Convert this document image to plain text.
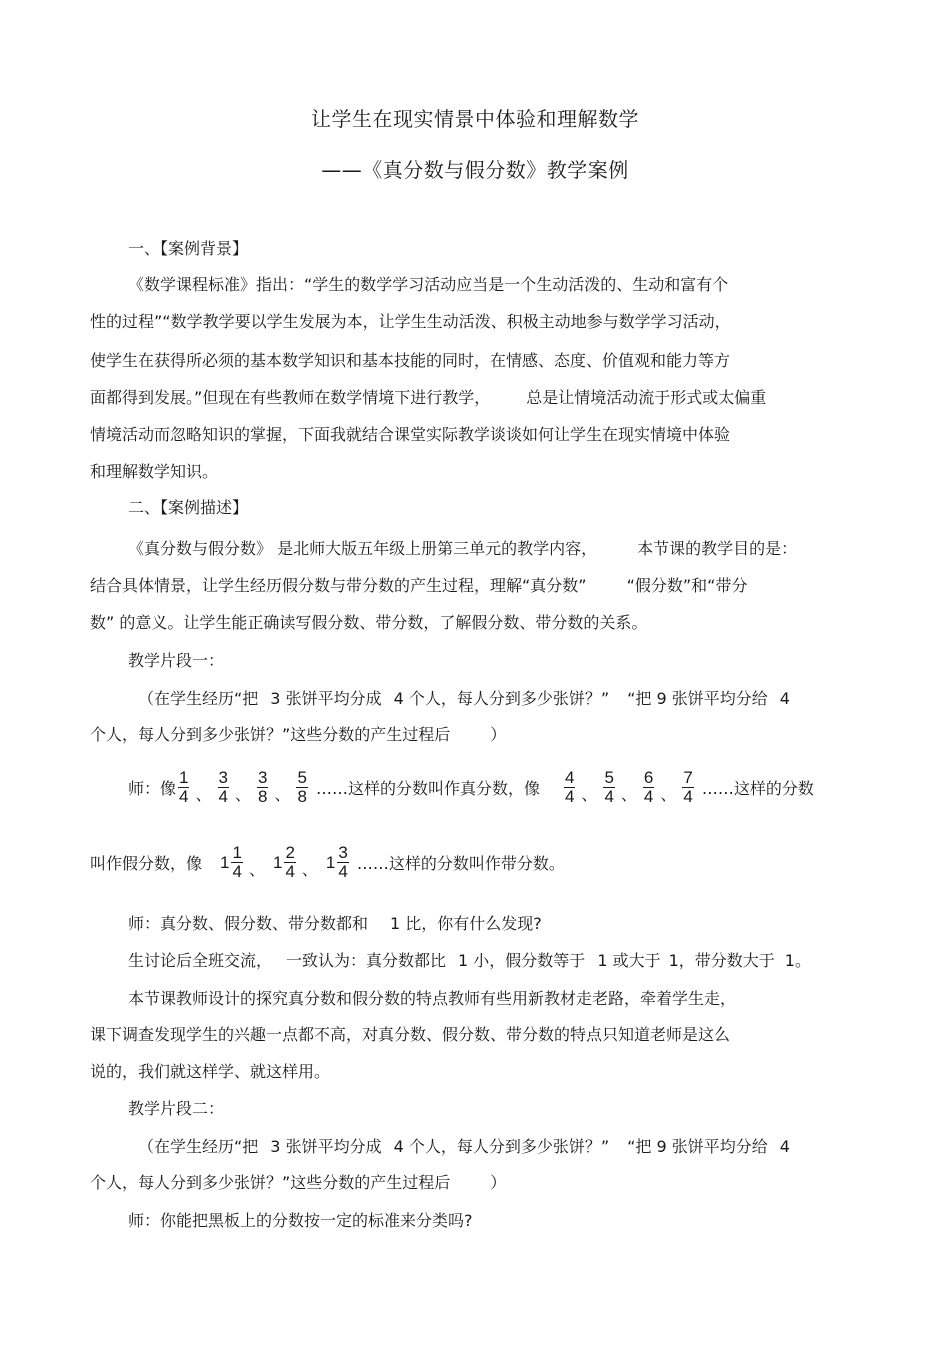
让学生在现实情景中体验和理解数学
——《真分数与假分数》教学案例
一、【案例背景】
《数学课程标准》指出：“学生的数学学习活动应当是一个生动活泼的、生动和富有个
性的过程”“数学教学要以学生发展为本，让学生生动活泼、积极主动地参与数学学习活动，
使学生在获得所必须的基本数学知识和基本技能的同时，在情感、态度、价值观和能力等方
面都得到发展。”但现在有些教师在数学情境下进行教学， 总是让情境活动流于形式或太偏重
情境活动而忽略知识的掌握，下面我就结合课堂实际教学谈谈如何让学生在现实情境中体验
和理解数学知识。
二、【案例描述】
《真分数与假分数》 是北师大版五年级上册第三单元的教学内容，	本节课的教学目的是：
结合具体情景，让学生经历假分数与带分数的产生过程，理解“真分数”	“假分数”和“带分
数” 的意义。让学生能正确读写假分数、带分数，了解假分数、带分数的关系。
教学片段一：
（在学生经历“把 3 张饼平均分成 4 个人，每人分到多少张饼？” “把 9 张饼平均分给 4
个人，每人分到多少张饼？”这些分数的产生过程后	）
师：像 $\frac{1}{4}$ 、 $\frac{3}{4}$ 、 $\frac{3}{8}$ 、 $\frac{5}{8}$ ……这样的分数叫作真分数，像 $\frac{4}{4}$ 、 $\frac{5}{4}$ 、 $\frac{6}{4}$ 、 $\frac{7}{4}$ ……这样的分数
叫作假分数，像 $1 \frac{1}{4}$ 、 $1 \frac{2}{4}$ 、 $1 \frac{3}{4}$ ……这样的分数叫作带分数。
师：真分数、假分数、带分数都和 1 比，你有什么发现?
生讨论后全班交流， 一致认为：真分数都比 1 小，假分数等于 1 或大于 1，带分数大于 1。
本节课教师设计的探究真分数和假分数的特点教师有些用新教材走老路，牵着学生走，
课下调查发现学生的兴趣一点都不高，对真分数、假分数、带分数的特点只知道老师是这么
说的，我们就这样学、就这样用。
教学片段二：
（在学生经历“把 3 张饼平均分成 4 个人，每人分到多少张饼？” “把 9 张饼平均分给 4
个人，每人分到多少张饼？”这些分数的产生过程后	）
师：你能把黑板上的分数按一定的标准来分类吗?
